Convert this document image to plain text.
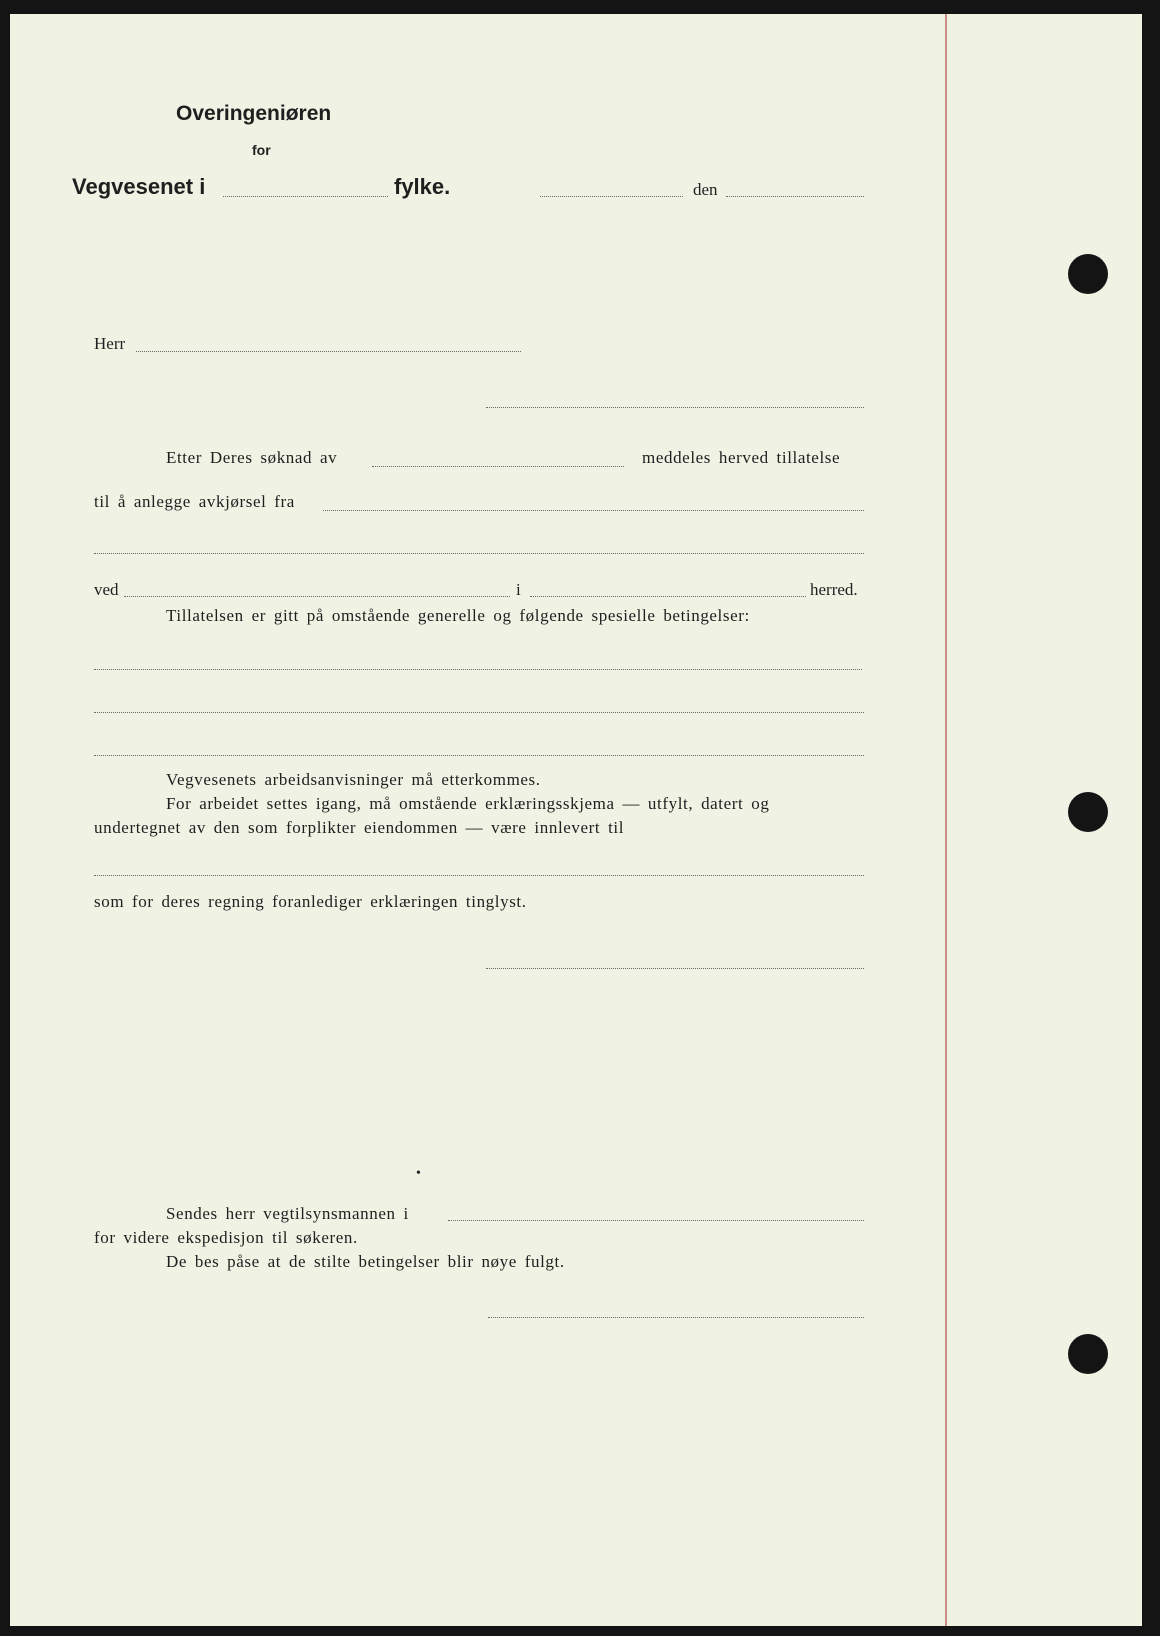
Overingeniøren
for
Vegvesenet i	fylke.	den
Herr
Etter Deres søknad av	meddeles herved tillatelse
til å anlegge avkjørsel fra
ved	i	herred.
Tillatelsen er gitt på omstående generelle og følgende spesielle betingelser:
Vegvesenets arbeidsanvisninger må etterkommes.
For arbeidet settes igang, må omstående erklæringsskjema — utfylt, datert og
undertegnet av den som forplikter eiendommen — være innlevert til
som for deres regning foranlediger erklæringen tinglyst.
•
Sendes herr vegtilsynsmannen i
for videre ekspedisjon til søkeren.
De bes påse at de stilte betingelser blir nøye fulgt.
